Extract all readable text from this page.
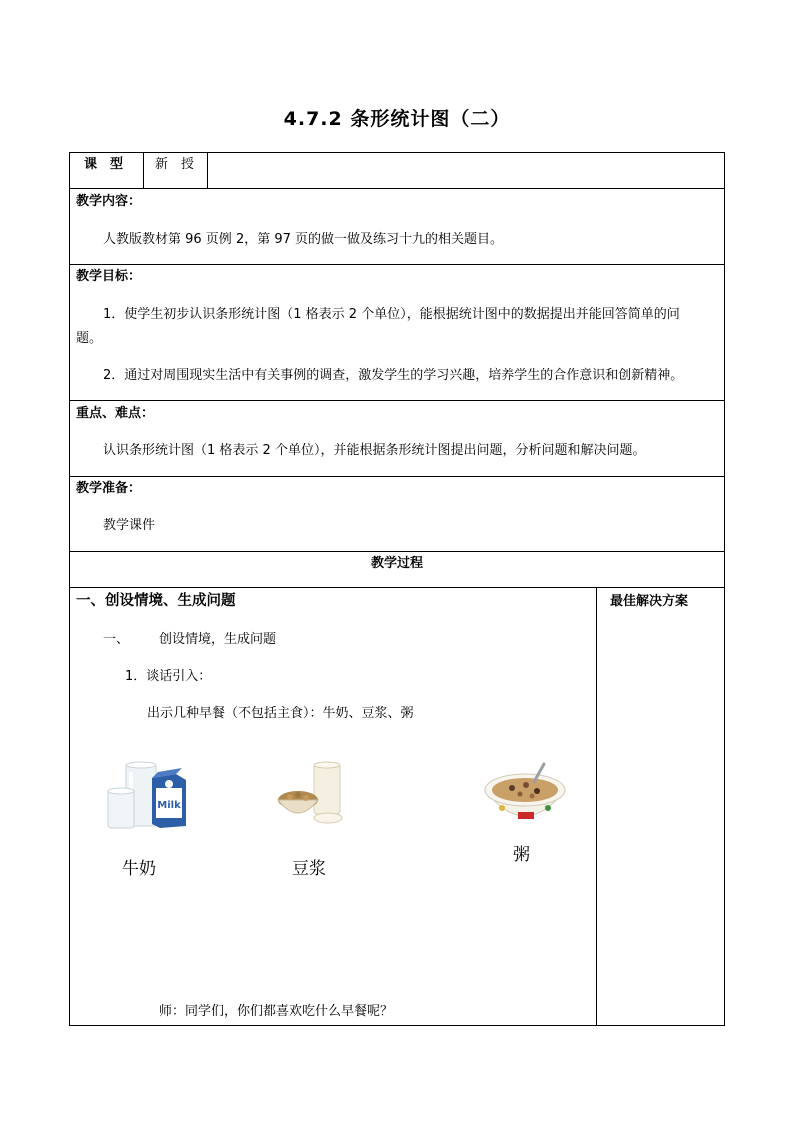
4.7.2 条形统计图（二）
课　型 新　授
教学内容：
人教版教材第 96 页例 2，第 97 页的做一做及练习十九的相关题目。
教学目标：
1．使学生初步认识条形统计图（1 格表示 2 个单位），能根据统计图中的数据提出并能回答简单的问
题。
2．通过对周围现实生活中有关事例的调查，激发学生的学习兴趣，培养学生的合作意识和创新精神。
重点、难点：
认识条形统计图（1 格表示 2 个单位），并能根据条形统计图提出问题，分析问题和解决问题。
教学准备：
教学课件
教学过程
一、创设情境、生成问题	最佳解决方案
一、 创设情境，生成问题
1．谈话引入：
出示几种早餐（不包括主食）：牛奶、豆浆、粥
Milk
牛奶	豆浆
粥
师：同学们，你们都喜欢吃什么早餐呢？
